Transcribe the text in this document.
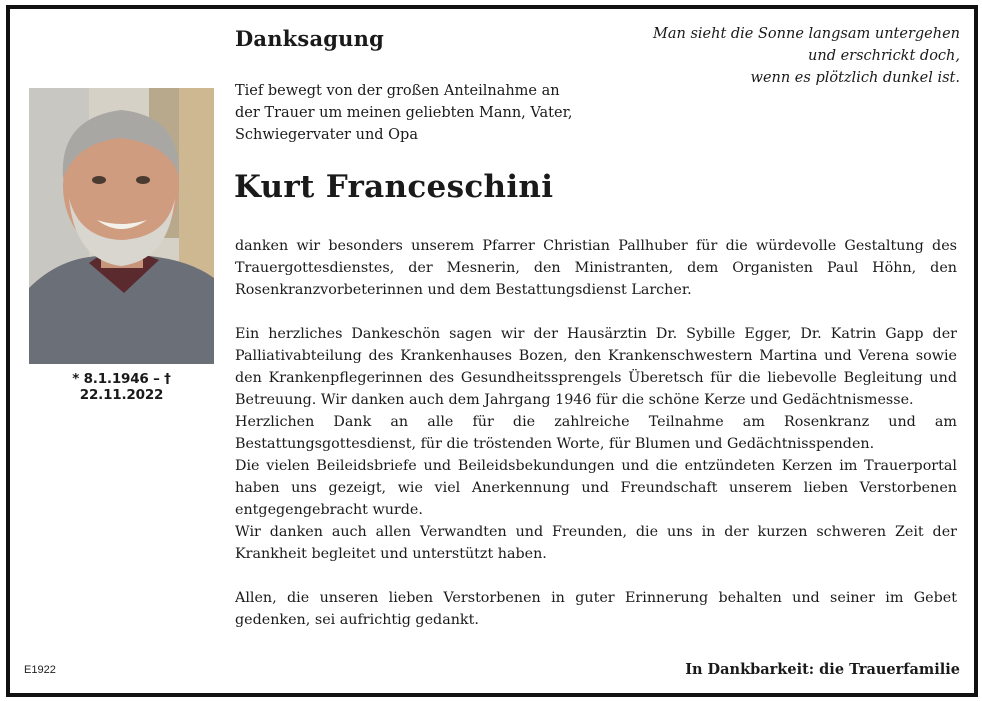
* 8.1.1946 – † 22.11.2022
Danksagung	Man sieht die Sonne langsam untergehen
und erschrickt doch,
wenn es plötzlich dunkel ist.
Tief bewegt von der großen Anteilnahme an
der Trauer um meinen geliebten Mann, Vater,
Schwiegervater und Opa
Kurt Franceschini

danken wir besonders unserem Pfarrer Christian Pallhuber für die würdevolle Gestaltung des Trauergottesdienstes, der Mesnerin, den Ministranten, dem Organisten Paul Höhn, den Rosenkranzvorbeterinnen und dem Bestattungsdienst Larcher.

Ein herzliches Dankeschön sagen wir der Hausärztin Dr. Sybille Egger, Dr. Katrin Gapp der Palliativabteilung des Krankenhauses Bozen, den Krankenschwestern Martina und Verena sowie den Krankenpflegerinnen des Gesundheitssprengels Überetsch für die liebevolle Begleitung und Betreuung. Wir danken auch dem Jahrgang 1946 für die schöne Kerze und Gedächtnismesse.

Herzlichen Dank an alle für die zahlreiche Teilnahme am Rosenkranz und am Bestattungsgottesdienst, für die tröstenden Worte, für Blumen und Gedächtnisspenden.

Die vielen Beileidsbriefe und Beileidsbekundungen und die entzündeten Kerzen im Trauerportal haben uns gezeigt, wie viel Anerkennung und Freundschaft unserem lieben Verstorbenen entgegengebracht wurde.

Wir danken auch allen Verwandten und Freunden, die uns in der kurzen schweren Zeit der Krankheit begleitet und unterstützt haben.

Allen, die unseren lieben Verstorbenen in guter Erinnerung behalten und seiner im Gebet gedenken, sei aufrichtig gedankt.

E1922	In Dankbarkeit: die Trauerfamilie
